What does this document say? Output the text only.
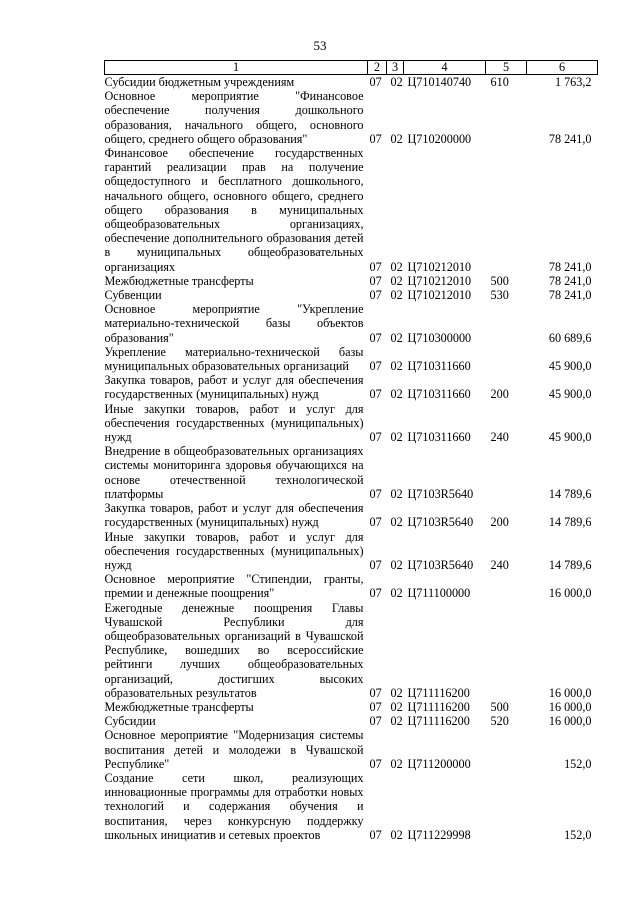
53
1	2	3	4	5	6
Субсидии бюджетным учреждениям	07	02	Ц710140740	610	1 763,2
Основное мероприятие "Финансовое обеспечение получения дошкольного образования, начального общего, основного общего, среднего общего образования"	07	02	Ц710200000		78 241,0
Финансовое обеспечение государственных гарантий реализации прав на получение общедоступного и бесплатного дошкольного, начального общего, основного общего, среднего общего образования в муниципальных общеобразовательных организациях, обеспечение дополнительного образования детей в муниципальных общеобразовательных организациях	07	02	Ц710212010		78 241,0
Межбюджетные трансферты	07	02	Ц710212010	500	78 241,0
Субвенции	07	02	Ц710212010	530	78 241,0
Основное мероприятие "Укрепление материально-технической базы объектов образования"	07	02	Ц710300000		60 689,6
Укрепление материально-технической базы муниципальных образовательных организаций	07	02	Ц710311660		45 900,0
Закупка товаров, работ и услуг для обеспечения государственных (муниципальных) нужд	07	02	Ц710311660	200	45 900,0
Иные закупки товаров, работ и услуг для обеспечения государственных (муниципальных) нужд	07	02	Ц710311660	240	45 900,0
Внедрение в общеобразовательных организациях системы мониторинга здоровья обучающихся на основе отечественной технологической платформы	07	02	Ц7103R5640		14 789,6
Закупка товаров, работ и услуг для обеспечения государственных (муниципальных) нужд	07	02	Ц7103R5640	200	14 789,6
Иные закупки товаров, работ и услуг для обеспечения государственных (муниципальных) нужд	07	02	Ц7103R5640	240	14 789,6
Основное мероприятие "Стипендии, гранты, премии и денежные поощрения"	07	02	Ц711100000		16 000,0
Ежегодные денежные поощрения Главы Чувашской Республики для общеобразовательных организаций в Чувашской Республике, вошедших во всероссийские рейтинги лучших общеобразовательных организаций, достигших высоких образовательных результатов	07	02	Ц711116200		16 000,0
Межбюджетные трансферты	07	02	Ц711116200	500	16 000,0
Субсидии	07	02	Ц711116200	520	16 000,0
Основное мероприятие "Модернизация системы воспитания детей и молодежи в Чувашской Республике"	07	02	Ц711200000		152,0
Создание сети школ, реализующих инновационные программы для отработки новых технологий и содержания обучения и воспитания, через конкурсную поддержку школьных инициатив и сетевых проектов	07	02	Ц711229998		152,0
